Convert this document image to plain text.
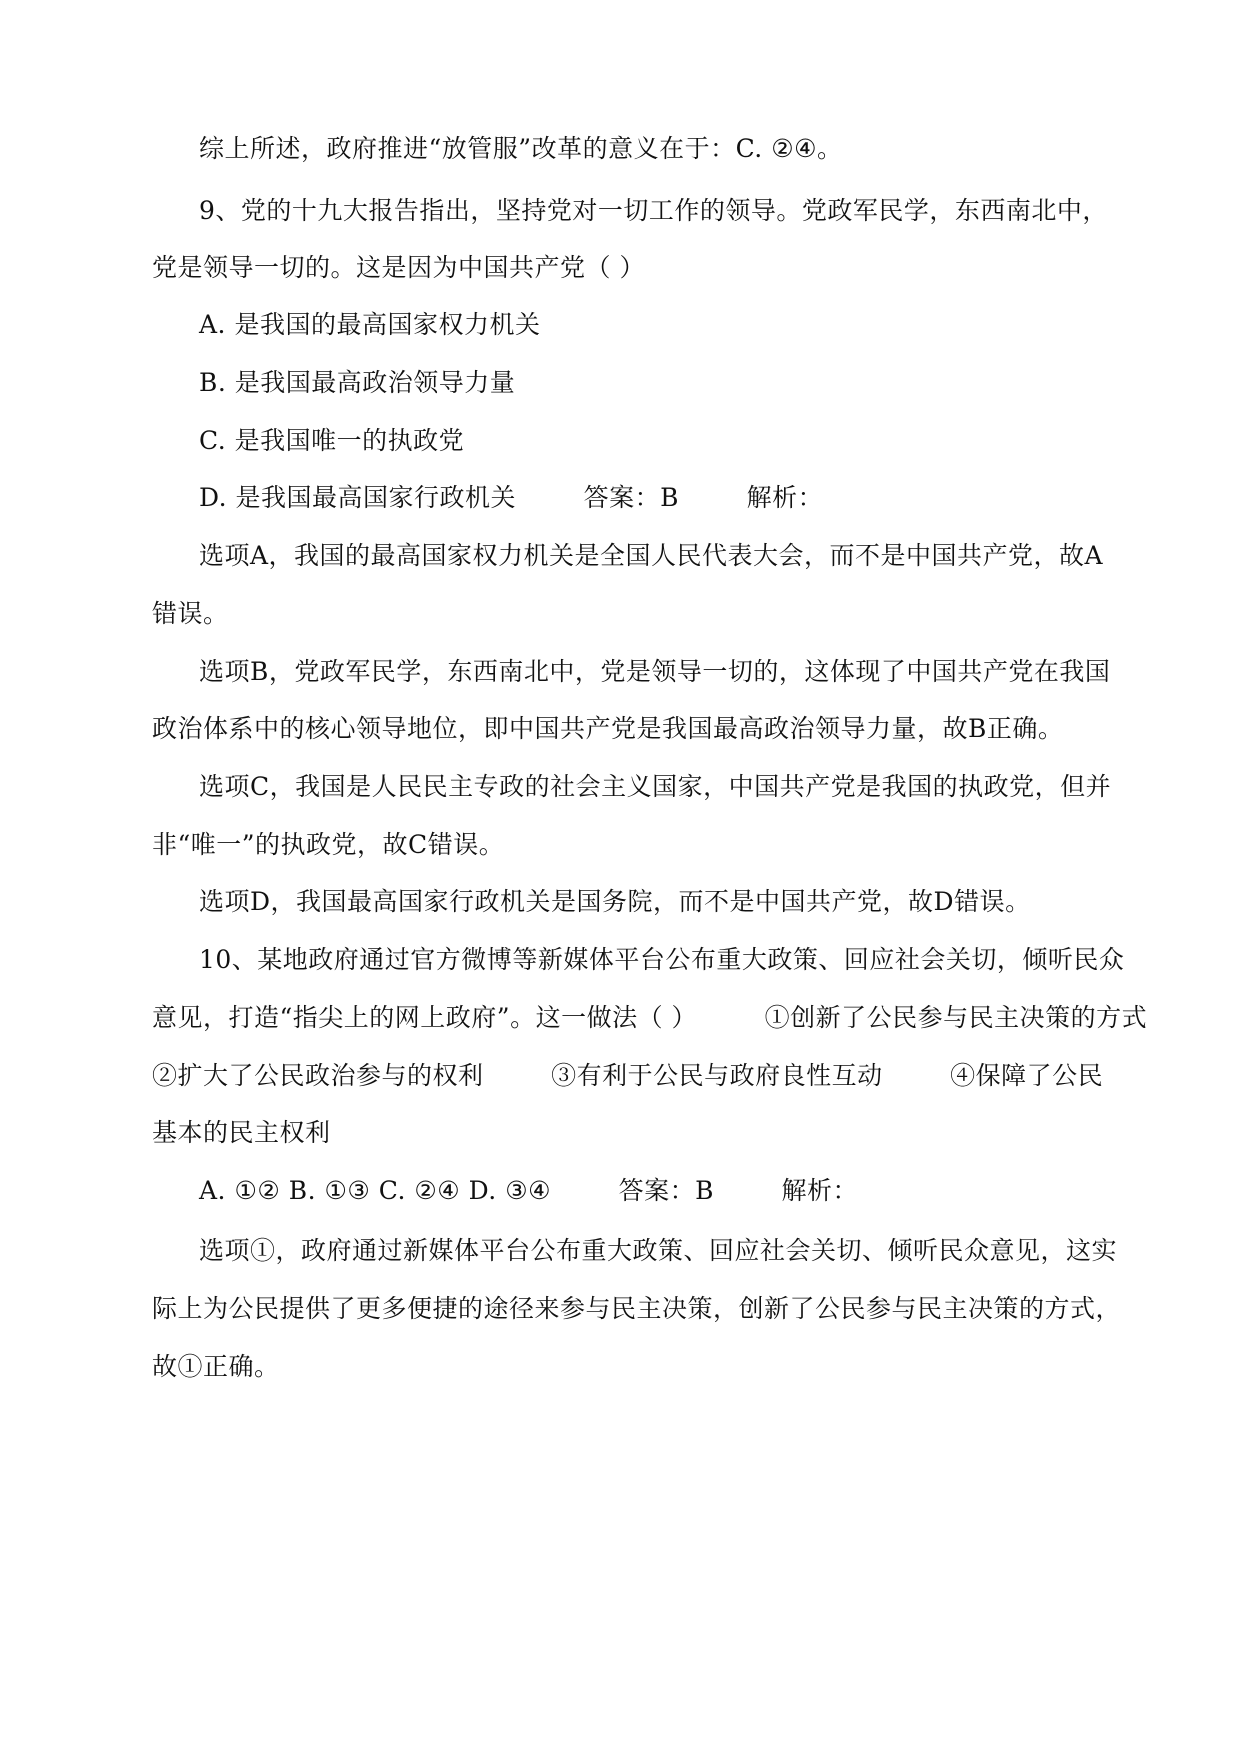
综上所述，政府推进“放管服”改革的意义在于：C. ②④。
9、党的十九大报告指出，坚持党对一切工作的领导。党政军民学，东西南北中，
党是领导一切的。这是因为中国共产党（ ）
A. 是我国的最高国家权力机关
B. 是我国最高政治领导力量
C. 是我国唯一的执政党
D. 是我国最高国家行政机关        答案：B        解析：
选项A，我国的最高国家权力机关是全国人民代表大会，而不是中国共产党，故A
错误。
选项B，党政军民学，东西南北中，党是领导一切的，这体现了中国共产党在我国
政治体系中的核心领导地位，即中国共产党是我国最高政治领导力量，故B正确。
选项C，我国是人民民主专政的社会主义国家，中国共产党是我国的执政党，但并
非“唯一”的执政党，故C错误。
选项D，我国最高国家行政机关是国务院，而不是中国共产党，故D错误。
10、某地政府通过官方微博等新媒体平台公布重大政策、回应社会关切，倾听民众
意见，打造“指尖上的网上政府”。这一做法（ ）        ①创新了公民参与民主决策的方式
②扩大了公民政治参与的权利        ③有利于公民与政府良性互动        ④保障了公民
基本的民主权利
A. ①② B. ①③ C. ②④ D. ③④        答案：B        解析：
选项①，政府通过新媒体平台公布重大政策、回应社会关切、倾听民众意见，这实
际上为公民提供了更多便捷的途径来参与民主决策，创新了公民参与民主决策的方式，
故①正确。
